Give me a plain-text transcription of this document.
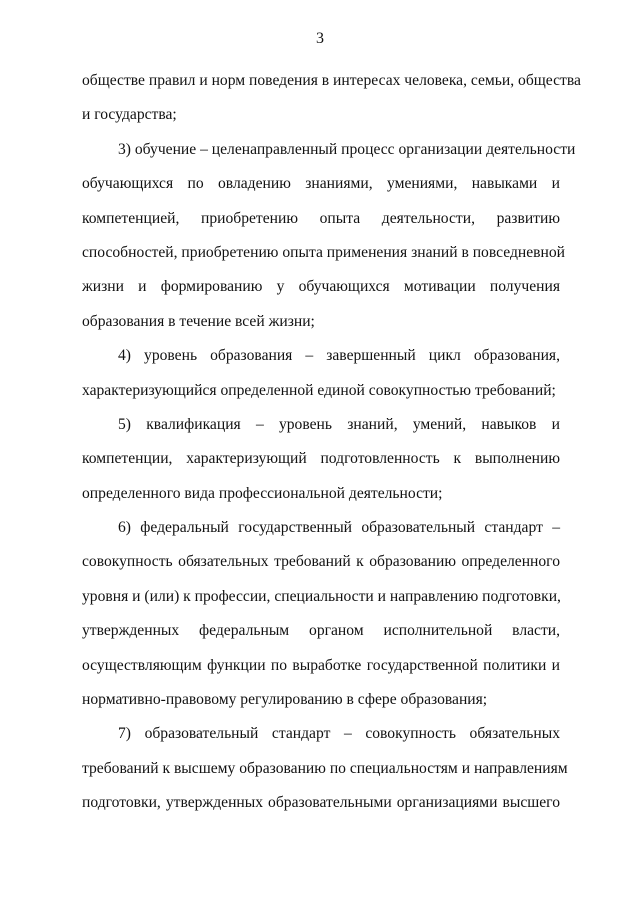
3
обществе правил и норм поведения в интересах человека, семьи, общества
и государства;
3) обучение – целенаправленный процесс организации деятельности
обучающихся по овладению знаниями, умениями, навыками и
компетенцией, приобретению опыта деятельности, развитию
способностей, приобретению опыта применения знаний в повседневной
жизни и формированию у обучающихся мотивации получения
образования в течение всей жизни;
4) уровень образования – завершенный цикл образования,
характеризующийся определенной единой совокупностью требований;
5) квалификация – уровень знаний, умений, навыков и
компетенции, характеризующий подготовленность к выполнению
определенного вида профессиональной деятельности;
6) федеральный государственный образовательный стандарт –
совокупность обязательных требований к образованию определенного
уровня и (или) к профессии, специальности и направлению подготовки,
утвержденных федеральным органом исполнительной власти,
осуществляющим функции по выработке государственной политики и
нормативно-правовому регулированию в сфере образования;
7) образовательный стандарт – совокупность обязательных
требований к высшему образованию по специальностям и направлениям
подготовки, утвержденных образовательными организациями высшего
